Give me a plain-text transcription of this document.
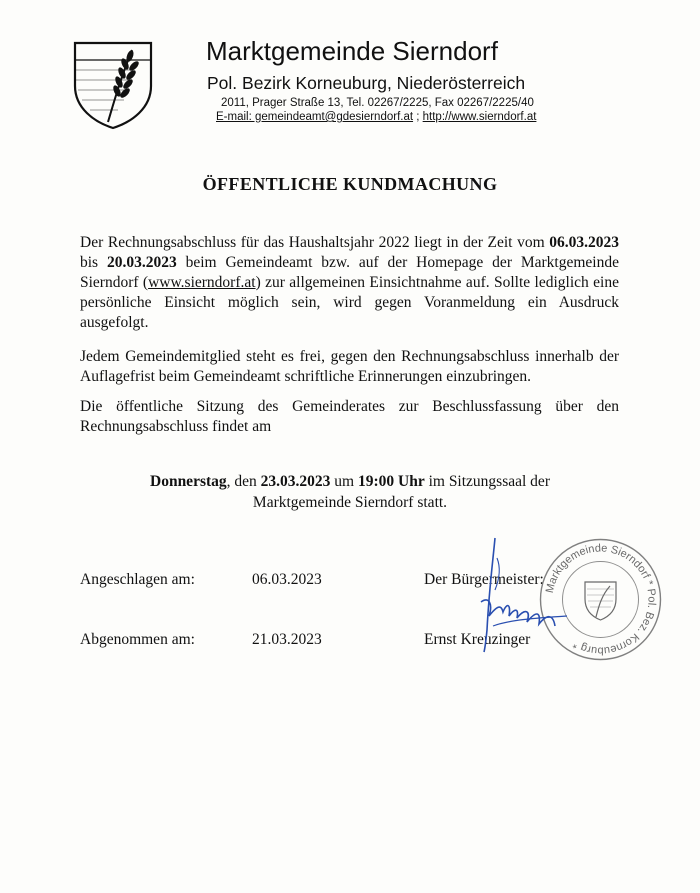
Marktgemeinde Sierndorf
Pol. Bezirk Korneuburg, Niederösterreich
2011, Prager Straße 13, Tel. 02267/2225, Fax 02267/2225/40
E-mail: gemeindeamt@gdesierndorf.at ; http://www.sierndorf.at
ÖFFENTLICHE KUNDMACHUNG
Der Rechnungsabschluss für das Haushaltsjahr 2022 liegt in der Zeit vom 06.03.2023 bis 20.03.2023 beim Gemeindeamt bzw. auf der Homepage der Marktgemeinde Sierndorf (www.sierndorf.at) zur allgemeinen Einsichtnahme auf. Sollte lediglich eine persönliche Einsicht möglich sein, wird gegen Voranmeldung ein Ausdruck ausgefolgt.
Jedem Gemeindemitglied steht es frei, gegen den Rechnungsabschluss innerhalb der Auflagefrist beim Gemeindeamt schriftliche Erinnerungen einzubringen.
Die öffentliche Sitzung des Gemeinderates zur Beschlussfassung über den Rechnungsabschluss findet am
Donnerstag, den 23.03.2023 um 19:00 Uhr im Sitzungssaal der
Marktgemeinde Sierndorf statt.
Angeschlagen am:	06.03.2023	Der Bürgermeister:
Abgenommen am:	21.03.2023	Ernst Kreuzinger
Marktgemeinde Sierndorf * Pol. Bez. Korneuburg *
